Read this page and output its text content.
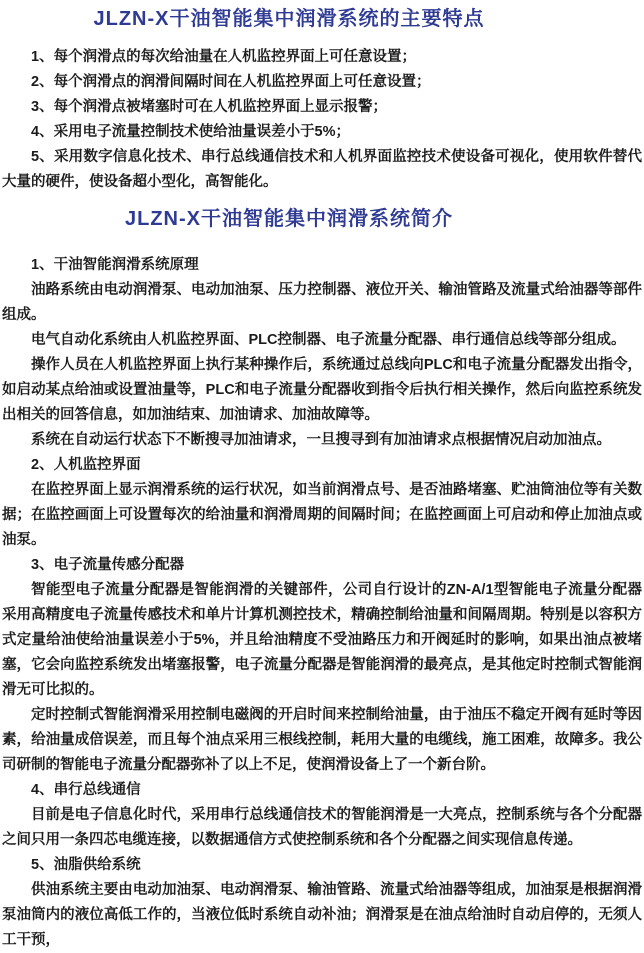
JLZN-X干油智能集中润滑系统的主要特点

1、每个润滑点的每次给油量在人机监控界面上可任意设置；

2、每个润滑点的润滑间隔时间在人机监控界面上可任意设置；

3、每个润滑点被堵塞时可在人机监控界面上显示报警；

4、采用电子流量控制技术使给油量误差小于5%；

5、采用数字信息化技术、串行总线通信技术和人机界面监控技术使设备可视化，使用软件替代大量的硬件，使设备超小型化，高智能化。

JLZN-X干油智能集中润滑系统简介

1、干油智能润滑系统原理

油路系统由电动润滑泵、电动加油泵、压力控制器、液位开关、输油管路及流量式给油器等部件组成。

电气自动化系统由人机监控界面、PLC控制器、电子流量分配器、串行通信总线等部分组成。

操作人员在人机监控界面上执行某种操作后，系统通过总线向PLC和电子流量分配器发出指令，如启动某点给油或设置油量等，PLC和电子流量分配器收到指令后执行相关操作，然后向监控系统发出相关的回答信息，如加油结束、加油请求、加油故障等。

系统在自动运行状态下不断搜寻加油请求，一旦搜寻到有加油请求点根据情况启动加油点。

2、人机监控界面

在监控界面上显示润滑系统的运行状况，如当前润滑点号、是否油路堵塞、贮油筒油位等有关数据；在监控画面上可设置每次的给油量和润滑周期的间隔时间；在监控画面上可启动和停止加油点或油泵。

3、电子流量传感分配器

智能型电子流量分配器是智能润滑的关键部件，公司自行设计的ZN-A/1型智能电子流量分配器采用高精度电子流量传感技术和单片计算机测控技术，精确控制给油量和间隔周期。特别是以容积方式定量给油使给油量误差小于5%，并且给油精度不受油路压力和开阀延时的影响，如果出油点被堵塞，它会向监控系统发出堵塞报警，电子流量分配器是智能润滑的最亮点，是其他定时控制式智能润滑无可比拟的。

定时控制式智能润滑采用控制电磁阀的开启时间来控制给油量，由于油压不稳定开阀有延时等因素，给油量成倍误差，而且每个油点采用三根线控制，耗用大量的电缆线，施工困难，故障多。我公司研制的智能电子流量分配器弥补了以上不足，使润滑设备上了一个新台阶。

4、串行总线通信

目前是电子信息化时代，采用串行总线通信技术的智能润滑是一大亮点，控制系统与各个分配器之间只用一条四芯电缆连接，以数据通信方式使控制系统和各个分配器之间实现信息传递。

5、油脂供给系统

供油系统主要由电动加油泵、电动润滑泵、输油管路、流量式给油器等组成，加油泵是根据润滑泵油筒内的液位高低工作的，当液位低时系统自动补油；润滑泵是在油点给油时自动启停的，无须人工干预，
